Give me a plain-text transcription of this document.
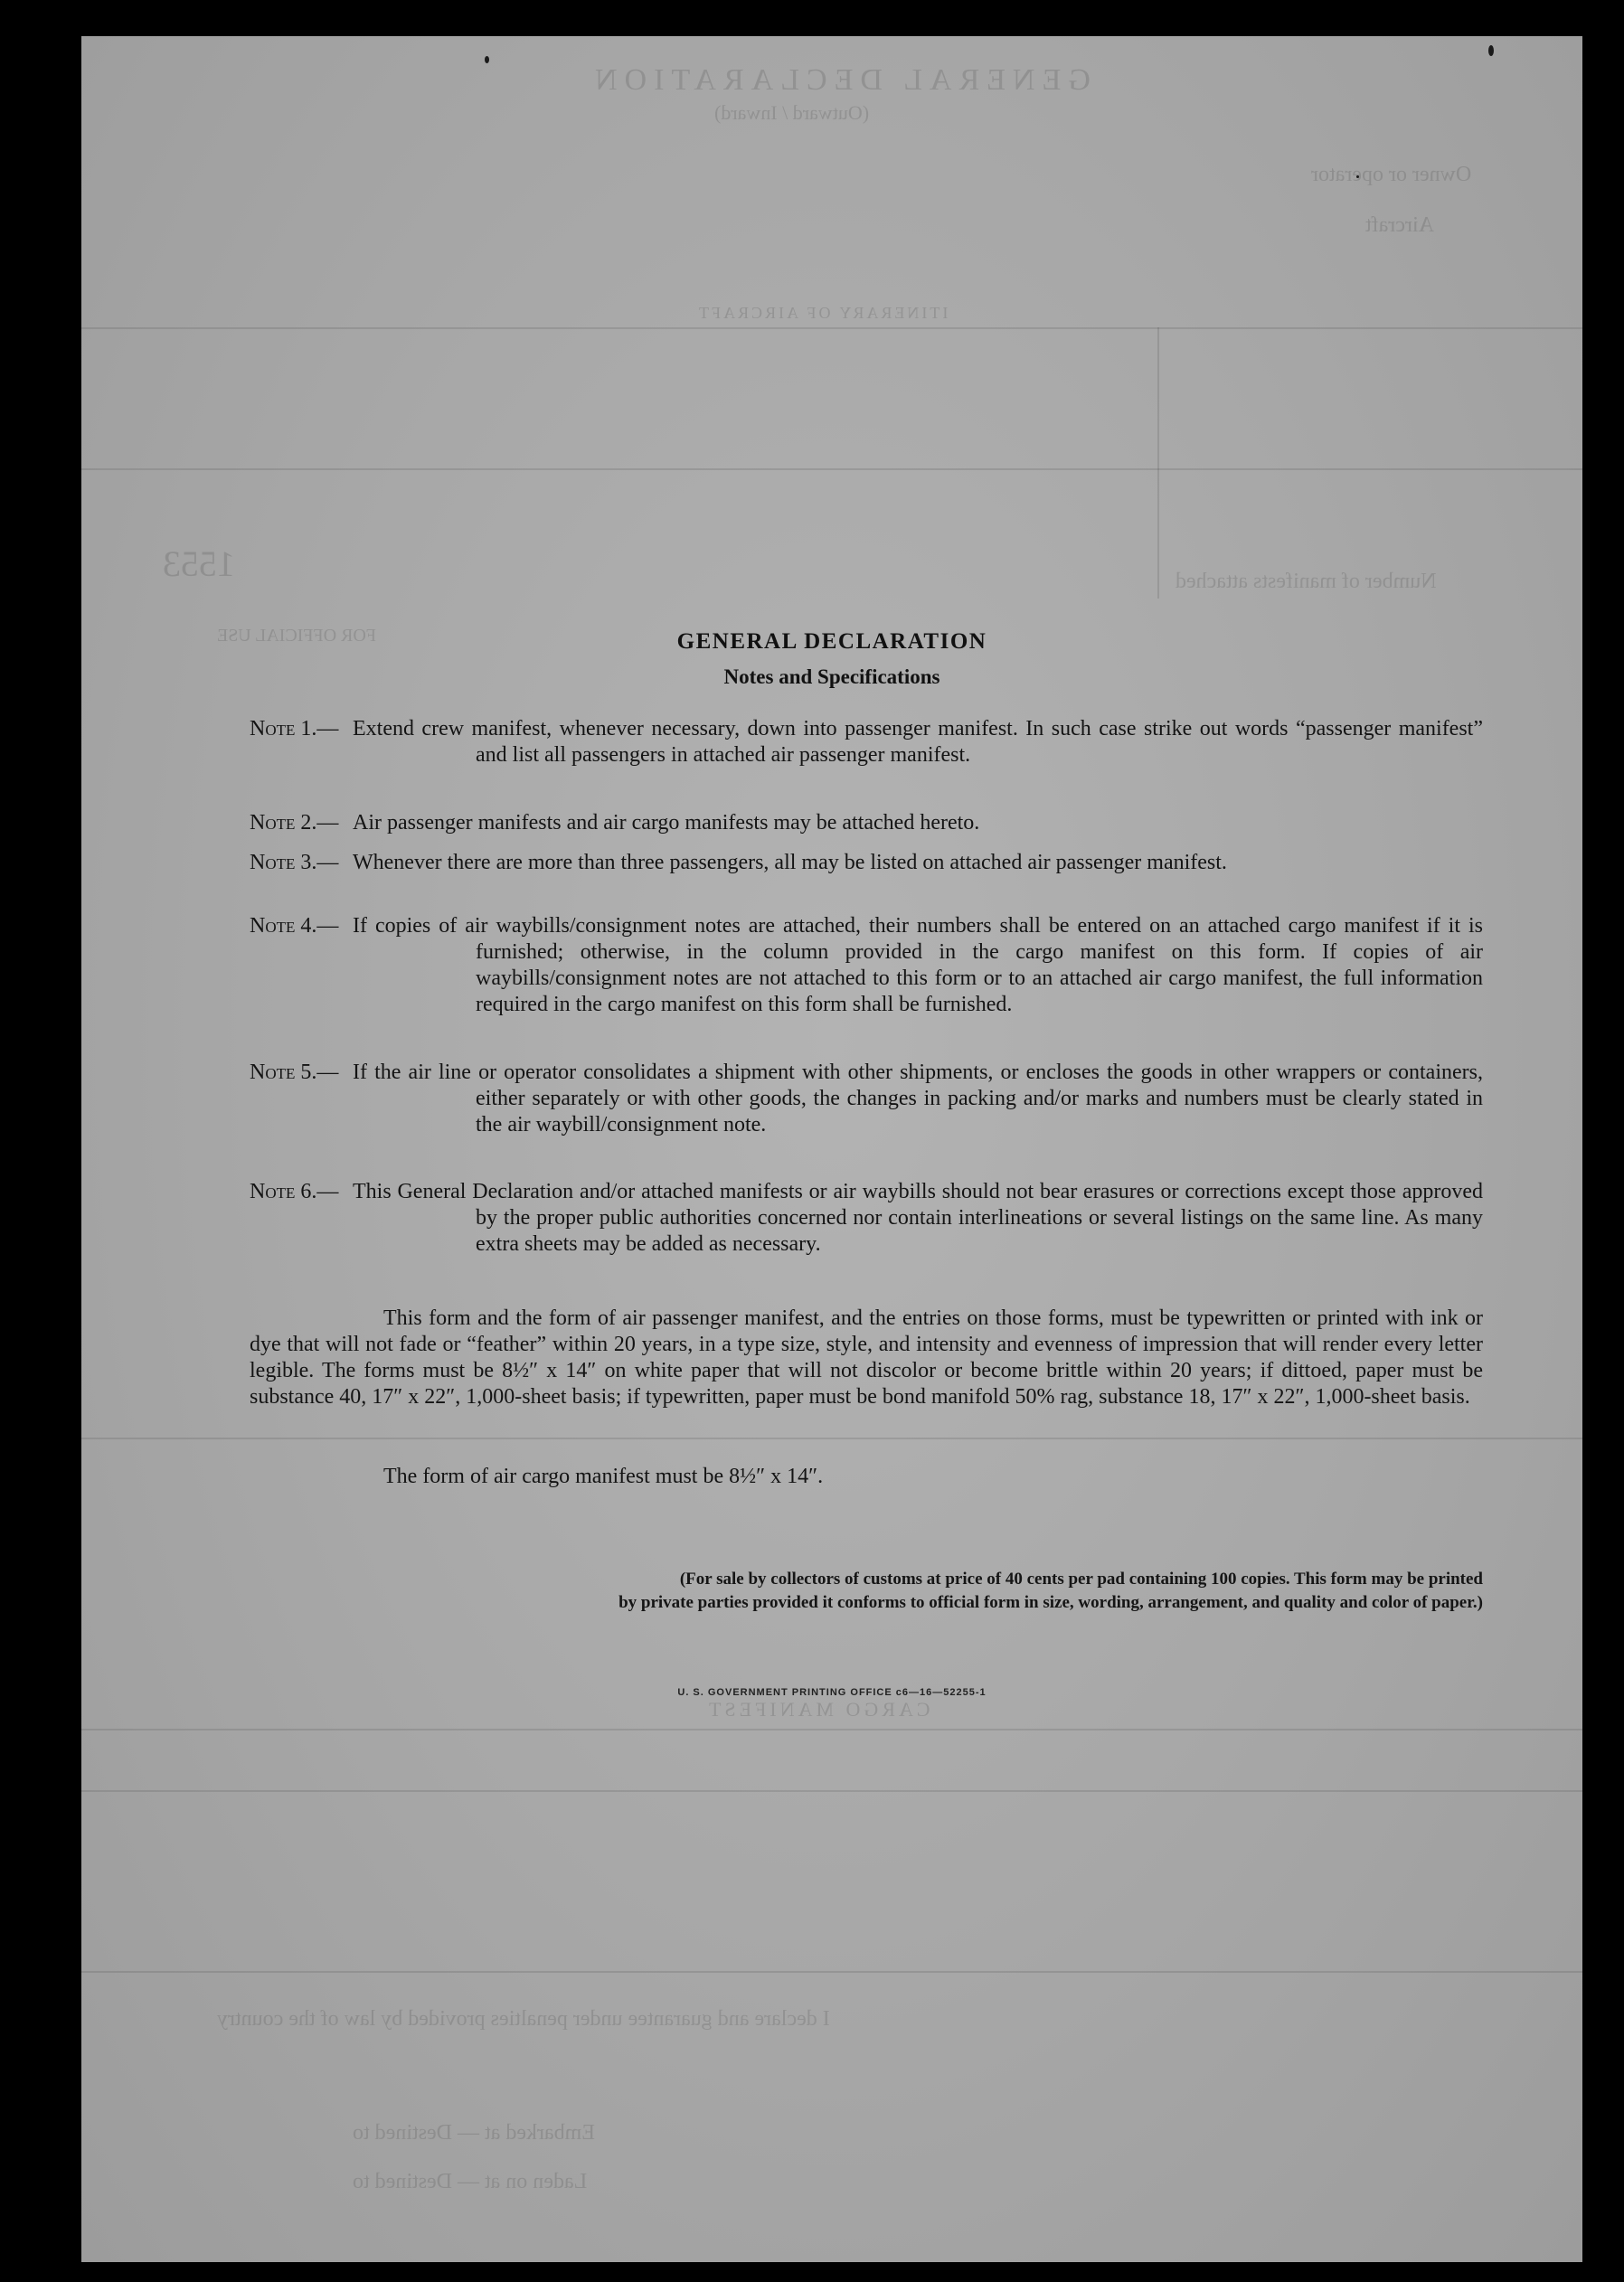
GENERAL DECLARATION
(Outward / Inward)
Owner or operator
Aircraft
ITINERARY OF AIRCRAFT
1553	Number of manifests attached
FOR OFFICIAL USE
CARGO MANIFEST
I declare and guarantee under penalties provided by law of the country
Embarked at — Destined to
Laden on at — Destined to
GENERAL DECLARATION
Notes and Specifications
Note 1.— Extend crew manifest, whenever necessary, down into passenger manifest. In such case strike out words “passenger manifest” and list all passengers in attached air passenger manifest.
Note 2.— Air passenger manifests and air cargo manifests may be attached hereto.
Note 3.— Whenever there are more than three passengers, all may be listed on attached air passenger manifest.
Note 4.— If copies of air waybills/consignment notes are attached, their numbers shall be entered on an attached cargo manifest if it is furnished; otherwise, in the column provided in the cargo manifest on this form. If copies of air waybills/consignment notes are not attached to this form or to an attached air cargo manifest, the full information required in the cargo manifest on this form shall be furnished.
Note 5.— If the air line or operator consolidates a shipment with other shipments, or encloses the goods in other wrappers or containers, either separately or with other goods, the changes in packing and/or marks and numbers must be clearly stated in the air waybill/consignment note.
Note 6.— This General Declaration and/or attached manifests or air waybills should not bear erasures or corrections except those approved by the proper public authorities concerned nor contain interlineations or several listings on the same line. As many extra sheets may be added as necessary.

This form and the form of air passenger manifest, and the entries on those forms, must be typewritten or printed with ink or dye that will not fade or “feather” within 20 years, in a type size, style, and intensity and evenness of impression that will render every letter legible. The forms must be 8½″ x 14″ on white paper that will not discolor or become brittle within 20 years; if dittoed, paper must be substance 40, 17″ x 22″, 1,000-sheet basis; if typewritten, paper must be bond manifold 50% rag, substance 18, 17″ x 22″, 1,000-sheet basis.

The form of air cargo manifest must be 8½″ x 14″.
(For sale by collectors of customs at price of 40 cents per pad containing 100 copies. This form may be printed
by private parties provided it conforms to official form in size, wording, arrangement, and quality and color of paper.)
U. S. GOVERNMENT PRINTING OFFICE c6—16—52255-1
